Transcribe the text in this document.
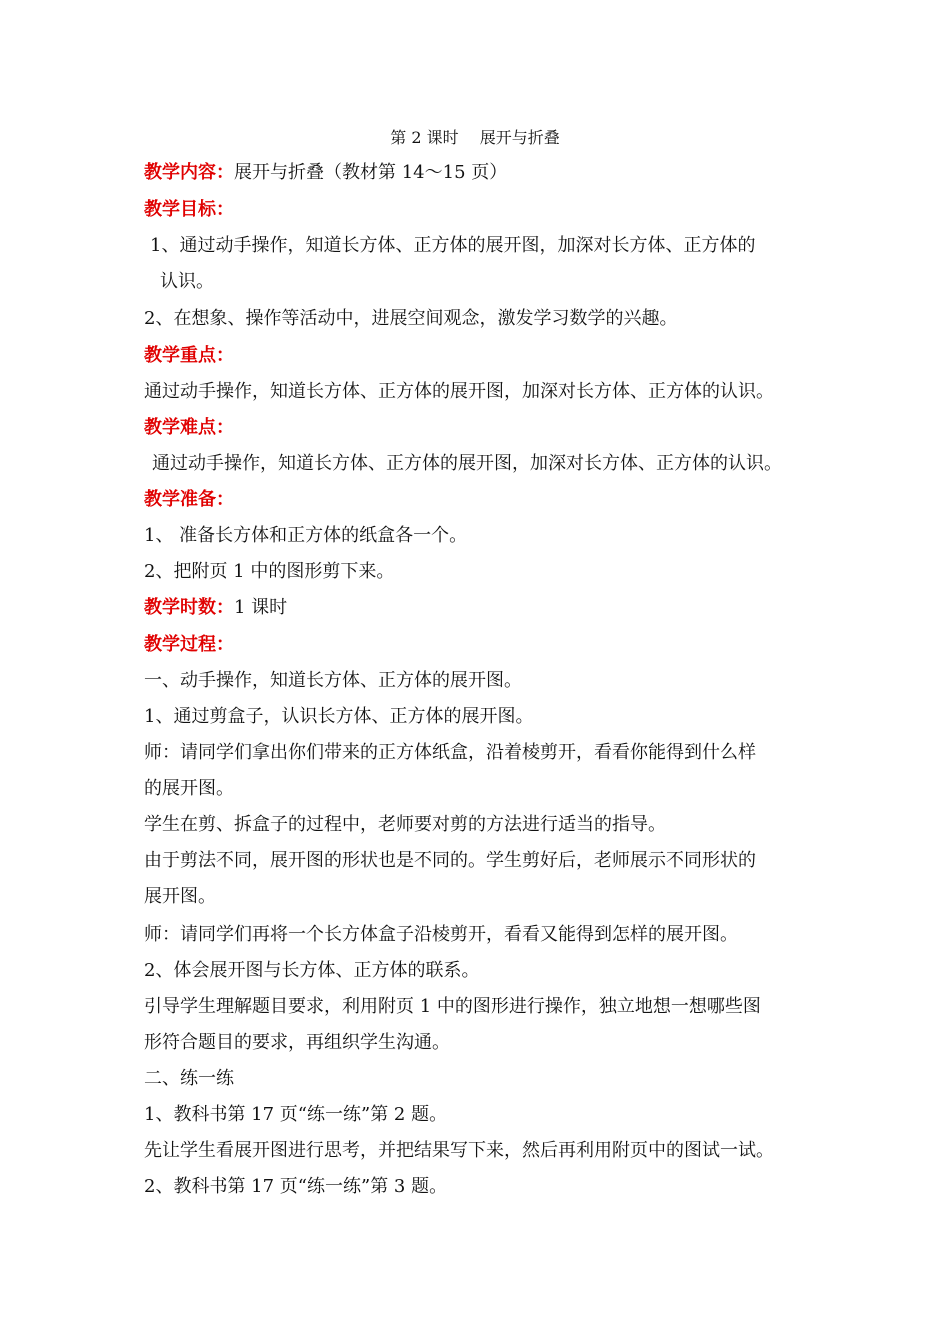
第 2 课时　 展开与折叠
教学内容：展开与折叠（教材第 14～15 页）
教学目标：
1、通过动手操作，知道长方体、正方体的展开图，加深对长方体、正方体的
认识。
2、在想象、操作等活动中，进展空间观念，激发学习数学的兴趣。
教学重点：
通过动手操作，知道长方体、正方体的展开图，加深对长方体、正方体的认识。
教学难点：
通过动手操作，知道长方体、正方体的展开图，加深对长方体、正方体的认识。
教学准备：
1、 准备长方体和正方体的纸盒各一个。
2、把附页 1 中的图形剪下来。
教学时数：1 课时
教学过程：
一、动手操作，知道长方体、正方体的展开图。
1、通过剪盒子，认识长方体、正方体的展开图。
师：请同学们拿出你们带来的正方体纸盒，沿着棱剪开，看看你能得到什么样
的展开图。
学生在剪、拆盒子的过程中，老师要对剪的方法进行适当的指导。
由于剪法不同，展开图的形状也是不同的。学生剪好后，老师展示不同形状的
展开图。
师：请同学们再将一个长方体盒子沿棱剪开，看看又能得到怎样的展开图。
2、体会展开图与长方体、正方体的联系。
引导学生理解题目要求，利用附页 1 中的图形进行操作，独立地想一想哪些图
形符合题目的要求，再组织学生沟通。
二、练一练
1、教科书第 17 页“练一练”第 2 题。
先让学生看展开图进行思考，并把结果写下来，然后再利用附页中的图试一试。
2、教科书第 17 页“练一练”第 3 题。
